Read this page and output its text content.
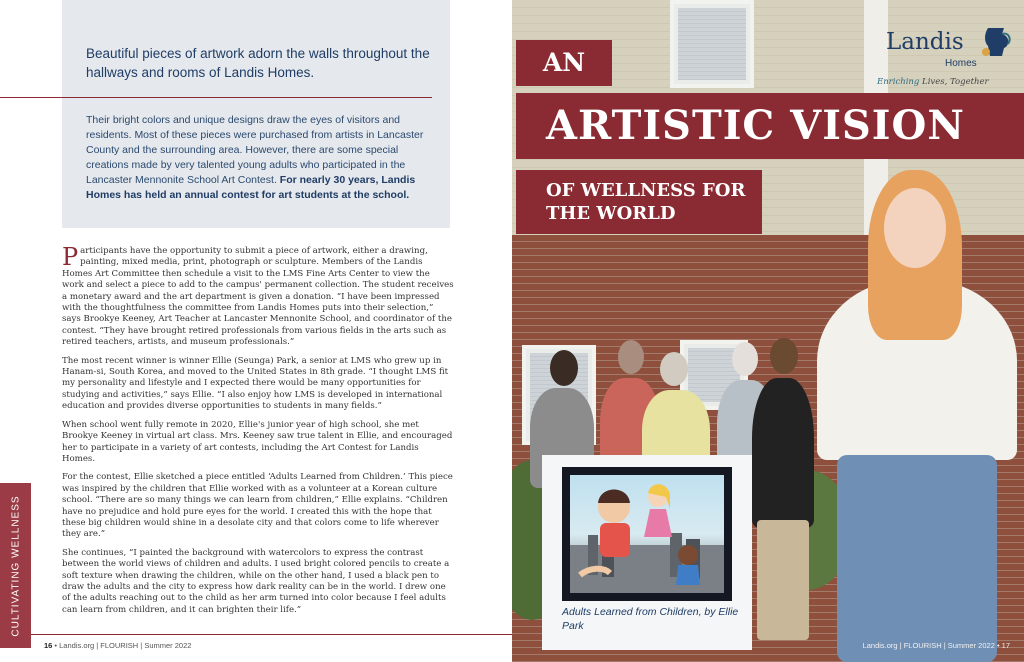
Beautiful pieces of artwork adorn the walls throughout the hallways and rooms of Landis Homes.

Their bright colors and unique designs draw the eyes of visitors and residents. Most of these pieces were purchased from artists in Lancaster County and the surrounding area. However, there are some special creations made by very talented young adults who participated in the Lancaster Mennonite School Art Contest. For nearly 30 years, Landis Homes has held an annual contest for art students at the school.

Participants have the opportunity to submit a piece of artwork, either a drawing, painting, mixed media, print, photograph or sculpture. Members of the Landis Homes Art Committee then schedule a visit to the LMS Fine Arts Center to view the work and select a piece to add to the campus' permanent collection. The student receives a monetary award and the art department is given a donation. “I have been impressed with the thoughtfulness the committee from Landis Homes puts into their selection,” says Brookye Keeney, Art Teacher at Lancaster Mennonite School, and coordinator of the contest. “They have brought retired professionals from various fields in the arts such as retired teachers, artists, and museum professionals.”

The most recent winner is winner Ellie (Seunga) Park, a senior at LMS who grew up in Hanam-si, South Korea, and moved to the United States in 8th grade. “I thought LMS fit my personality and lifestyle and I expected there would be many opportunities for studying and activities,” says Ellie. “I also enjoy how LMS is developed in international education and provides diverse opportunities to students in many fields.”

When school went fully remote in 2020, Ellie's junior year of high school, she met Brookye Keeney in virtual art class. Mrs. Keeney saw true talent in Ellie, and encouraged her to participate in a variety of art contests, including the Art Contest for Landis Homes.

For the contest, Ellie sketched a piece entitled ‘Adults Learned from Children.’ This piece was inspired by the children that Ellie worked with as a volunteer at a Korean culture school. “There are so many things we can learn from children,” Ellie explains. “Children have no prejudice and hold pure eyes for the world. I created this with the hope that these big children would shine in a desolate city and that colors come to life wherever they are.”

She continues, “I painted the background with watercolors to express the contrast between the world views of children and adults. I used bright colored pencils to create a soft texture when drawing the children, while on the other hand, I used a black pen to draw the adults and the city to express how dark reality can be in the world. I drew one of the adults reaching out to the child as her arm turned into color because I feel adults can learn from children, and it can brighten their life.”

CULTIVATING WELLNESS
16 • Landis.org | FLOURISH | Summer 2022
AN
ARTISTIC VISION
OF WELLNESS FOR THE WORLD
Landis
Homes
Enriching Lives, Together

Adults Learned from Children, by Ellie Park

Landis.org | FLOURISH | Summer 2022 • 17
